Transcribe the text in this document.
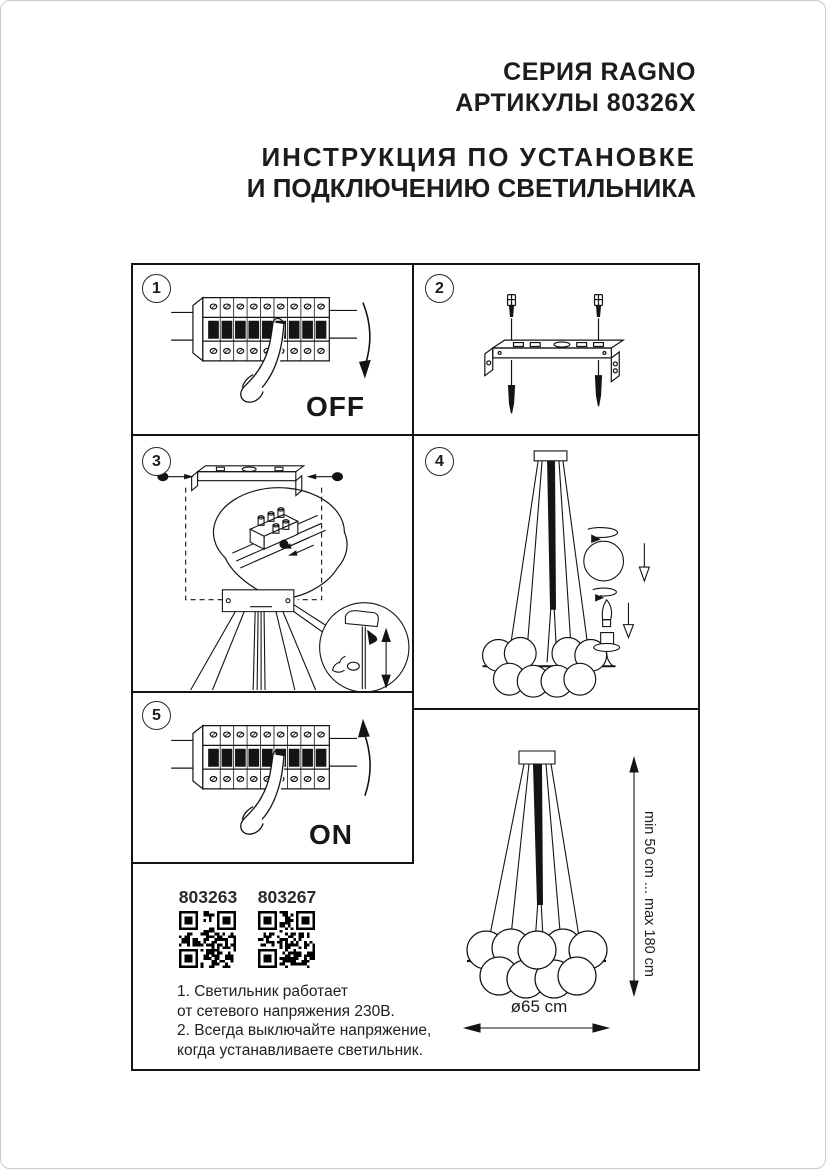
СЕРИЯ RAGNO
АРТИКУЛЫ 80326X
ИНСТРУКЦИЯ ПО УСТАНОВКЕ
И ПОДКЛЮЧЕНИЮ СВЕТИЛЬНИКА
1	2
3	4
5
OFF
ON	min 50 cm ... max 180 cm
ø65 cm
803263 803267
1. Светильник работает
от сетевого напряжения 230В.
2. Всегда выключайте напряжение,
когда устанавливаете светильник.
